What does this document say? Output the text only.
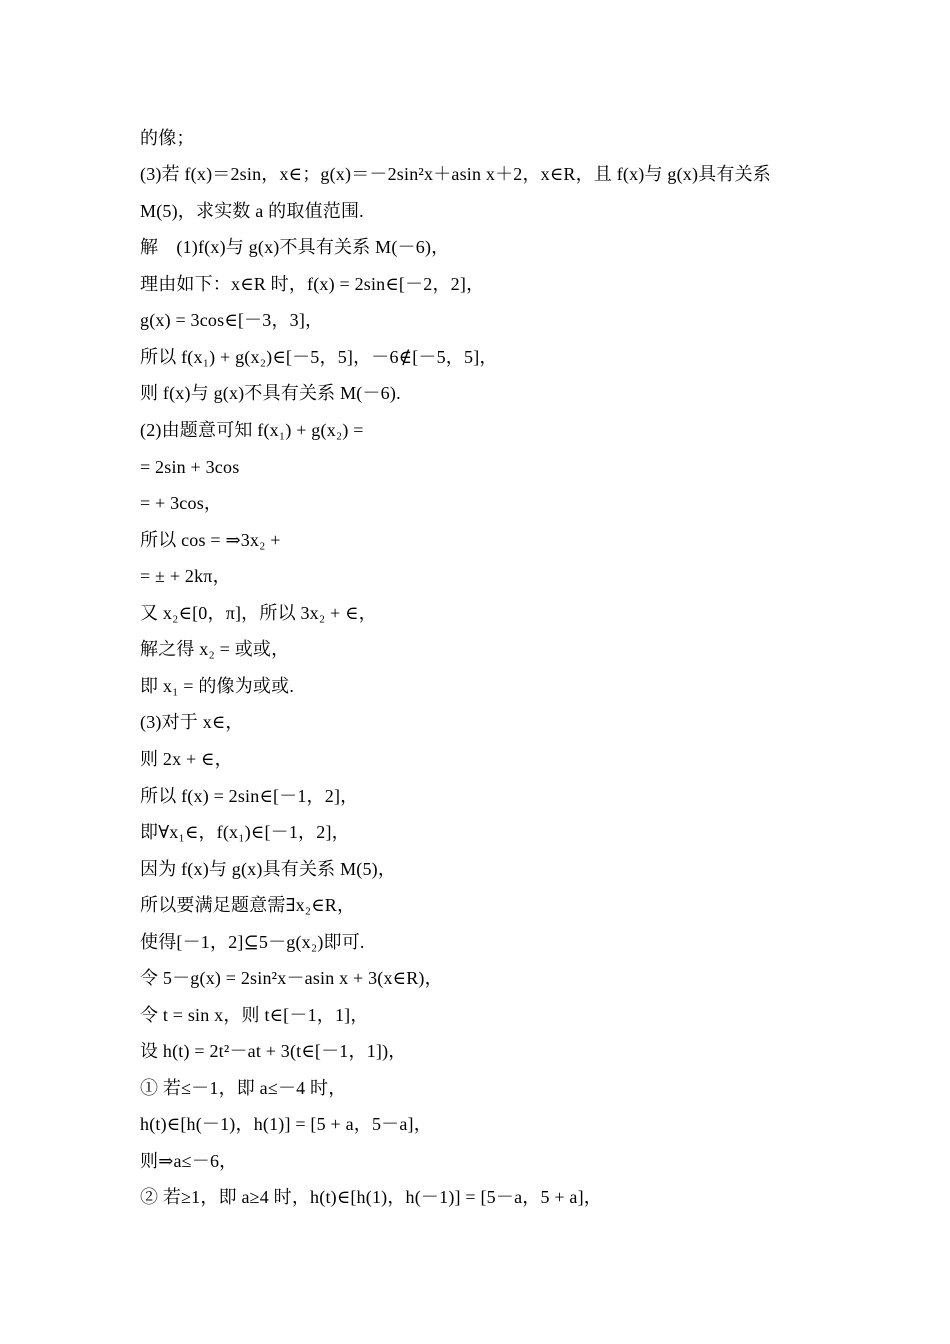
的像；
(3)若 f(x)＝2sin，x∈；g(x)＝－2sin²x＋asin x＋2，x∈R，且 f(x)与 g(x)具有关系
M(5)，求实数 a 的取值范围.
解　(1)f(x)与 g(x)不具有关系 M(－6)，
理由如下：x∈R 时，f(x) = 2sin∈[－2，2]，
g(x) = 3cos∈[－3，3]，
所以 f(x₁) + g(x₂)∈[－5，5]，－6∉[－5，5]，
则 f(x)与 g(x)不具有关系 M(－6).
(2)由题意可知 f(x₁) + g(x₂) =
= 2sin + 3cos
= + 3cos，
所以 cos = ⇒3x₂ +
= ± + 2kπ，
又 x₂∈[0，π]，所以 3x₂ + ∈，
解之得 x₂ = 或或，
即 x₁ = 的像为或或.
(3)对于 x∈，
则 2x + ∈，
所以 f(x) = 2sin∈[－1，2]，
即∀x₁∈，f(x₁)∈[－1，2]，
因为 f(x)与 g(x)具有关系 M(5)，
所以要满足题意需∃x₂∈R，
使得[－1，2]⊆5－g(x₂)即可.
令 5－g(x) = 2sin²x－asin x + 3(x∈R)，
令 t = sin x，则 t∈[－1，1]，
设 h(t) = 2t²－at + 3(t∈[－1，1])，
① 若≤－1，即 a≤－4 时，
h(t)∈[h(－1)，h(1)] = [5 + a，5－a]，
则⇒a≤－6，
② 若≥1，即 a≥4 时，h(t)∈[h(1)，h(－1)] = [5－a，5 + a]，
